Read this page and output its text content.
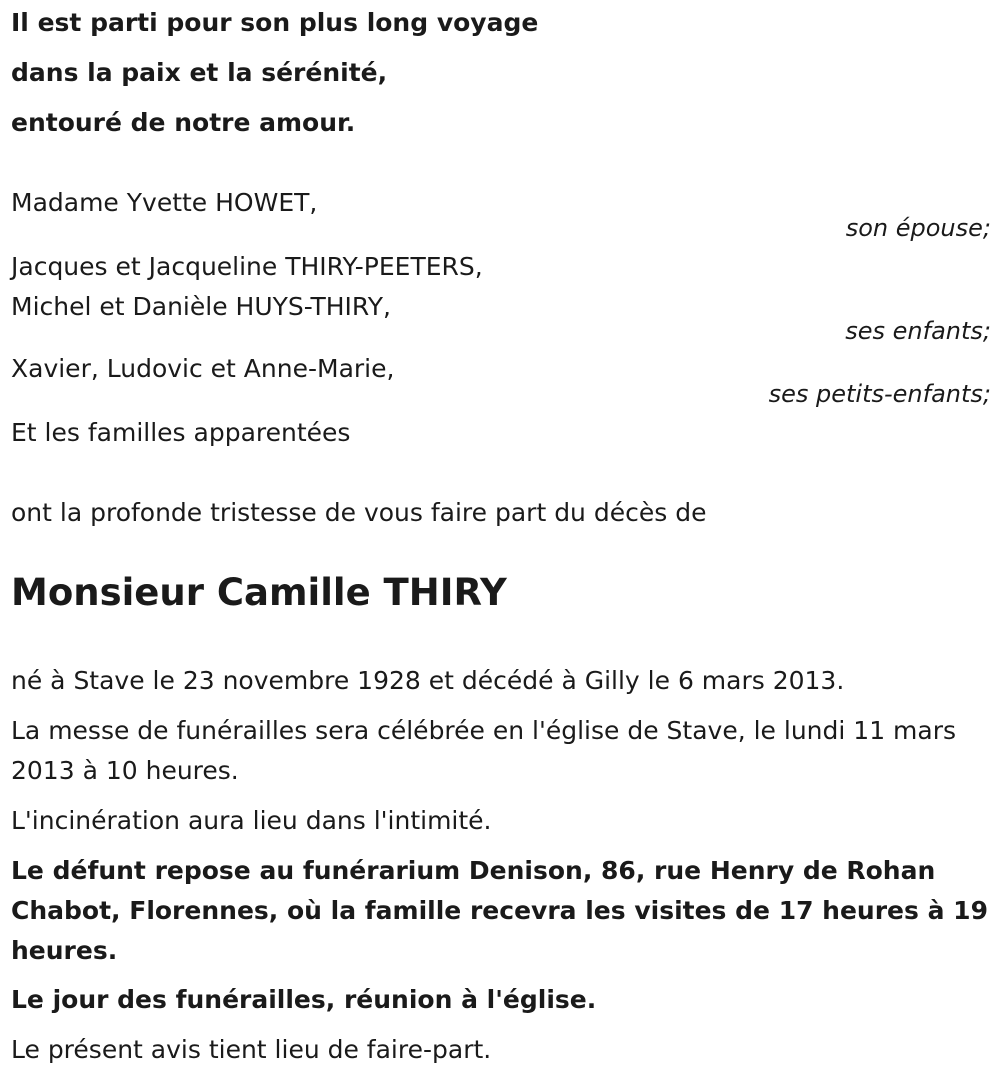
Il est parti pour son plus long voyage
dans la paix et la sérénité,
entouré de notre amour.
Madame Yvette HOWET,
son épouse;
Jacques et Jacqueline THIRY-PEETERS,
Michel et Danièle HUYS-THIRY,
ses enfants;
Xavier, Ludovic et Anne-Marie,
ses petits-enfants;
Et les familles apparentées
ont la profonde tristesse de vous faire part du décès de
Monsieur Camille THIRY
né à Stave le 23 novembre 1928 et décédé à Gilly le 6 mars 2013.
La messe de funérailles sera célébrée en l'église de Stave, le lundi 11 mars 2013 à 10 heures.
L'incinération aura lieu dans l'intimité.
Le défunt repose au funérarium Denison, 86, rue Henry de Rohan Chabot, Florennes, où la famille recevra les visites de 17 heures à 19 heures.
Le jour des funérailles, réunion à l'église.
Le présent avis tient lieu de faire-part.
